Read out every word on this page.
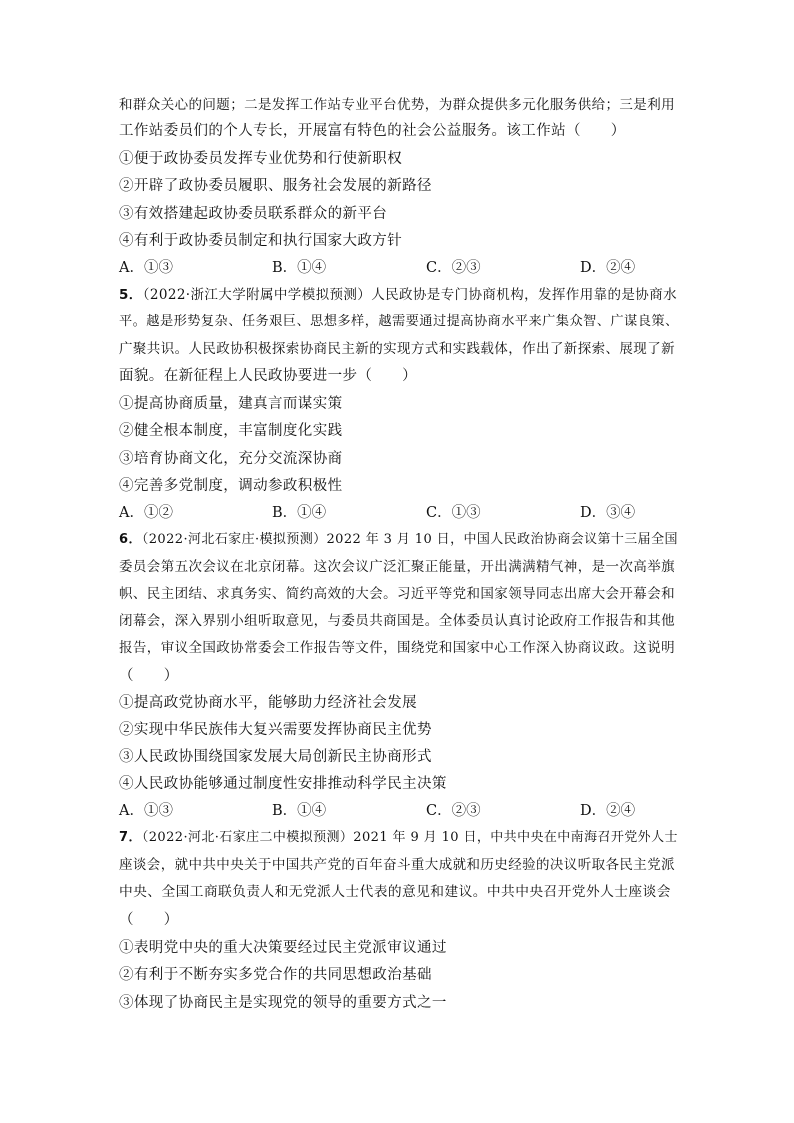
和群众关心的问题；二是发挥工作站专业平台优势，为群众提供多元化服务供给；三是利用
工作站委员们的个人专长，开展富有特色的社会公益服务。该工作站（　　）
①便于政协委员发挥专业优势和行使新职权
②开辟了政协委员履职、服务社会发展的新路径
③有效搭建起政协委员联系群众的新平台
④有利于政协委员制定和执行国家大政方针
A．①③	B．①④	C．②③	D．②④
5．（2022·浙江大学附属中学模拟预测）人民政协是专门协商机构，发挥作用靠的是协商水
平。越是形势复杂、任务艰巨、思想多样，越需要通过提高协商水平来广集众智、广谋良策、
广聚共识。人民政协积极探索协商民主新的实现方式和实践载体，作出了新探索、展现了新
面貌。在新征程上人民政协要进一步（　　）
①提高协商质量，建真言而谋实策
②健全根本制度，丰富制度化实践
③培育协商文化，充分交流深协商
④完善多党制度，调动参政积极性
A．①②	B．①④	C．①③	D．③④
6．（2022·河北石家庄·模拟预测）2022 年 3 月 10 日，中国人民政治协商会议第十三届全国
委员会第五次会议在北京闭幕。这次会议广泛汇聚正能量，开出满满精气神，是一次高举旗
帜、民主团结、求真务实、简约高效的大会。习近平等党和国家领导同志出席大会开幕会和
闭幕会，深入界别小组听取意见，与委员共商国是。全体委员认真讨论政府工作报告和其他
报告，审议全国政协常委会工作报告等文件，围绕党和国家中心工作深入协商议政。这说明
（　　）
①提高政党协商水平，能够助力经济社会发展
②实现中华民族伟大复兴需要发挥协商民主优势
③人民政协围绕国家发展大局创新民主协商形式
④人民政协能够通过制度性安排推动科学民主决策
A．①③	B．①④	C．②③	D．②④
7．（2022·河北·石家庄二中模拟预测）2021 年 9 月 10 日，中共中央在中南海召开党外人士
座谈会，就中共中央关于中国共产党的百年奋斗重大成就和历史经验的决议听取各民主党派
中央、全国工商联负责人和无党派人士代表的意见和建议。中共中央召开党外人士座谈会
（　　）
①表明党中央的重大决策要经过民主党派审议通过
②有利于不断夯实多党合作的共同思想政治基础
③体现了协商民主是实现党的领导的重要方式之一
